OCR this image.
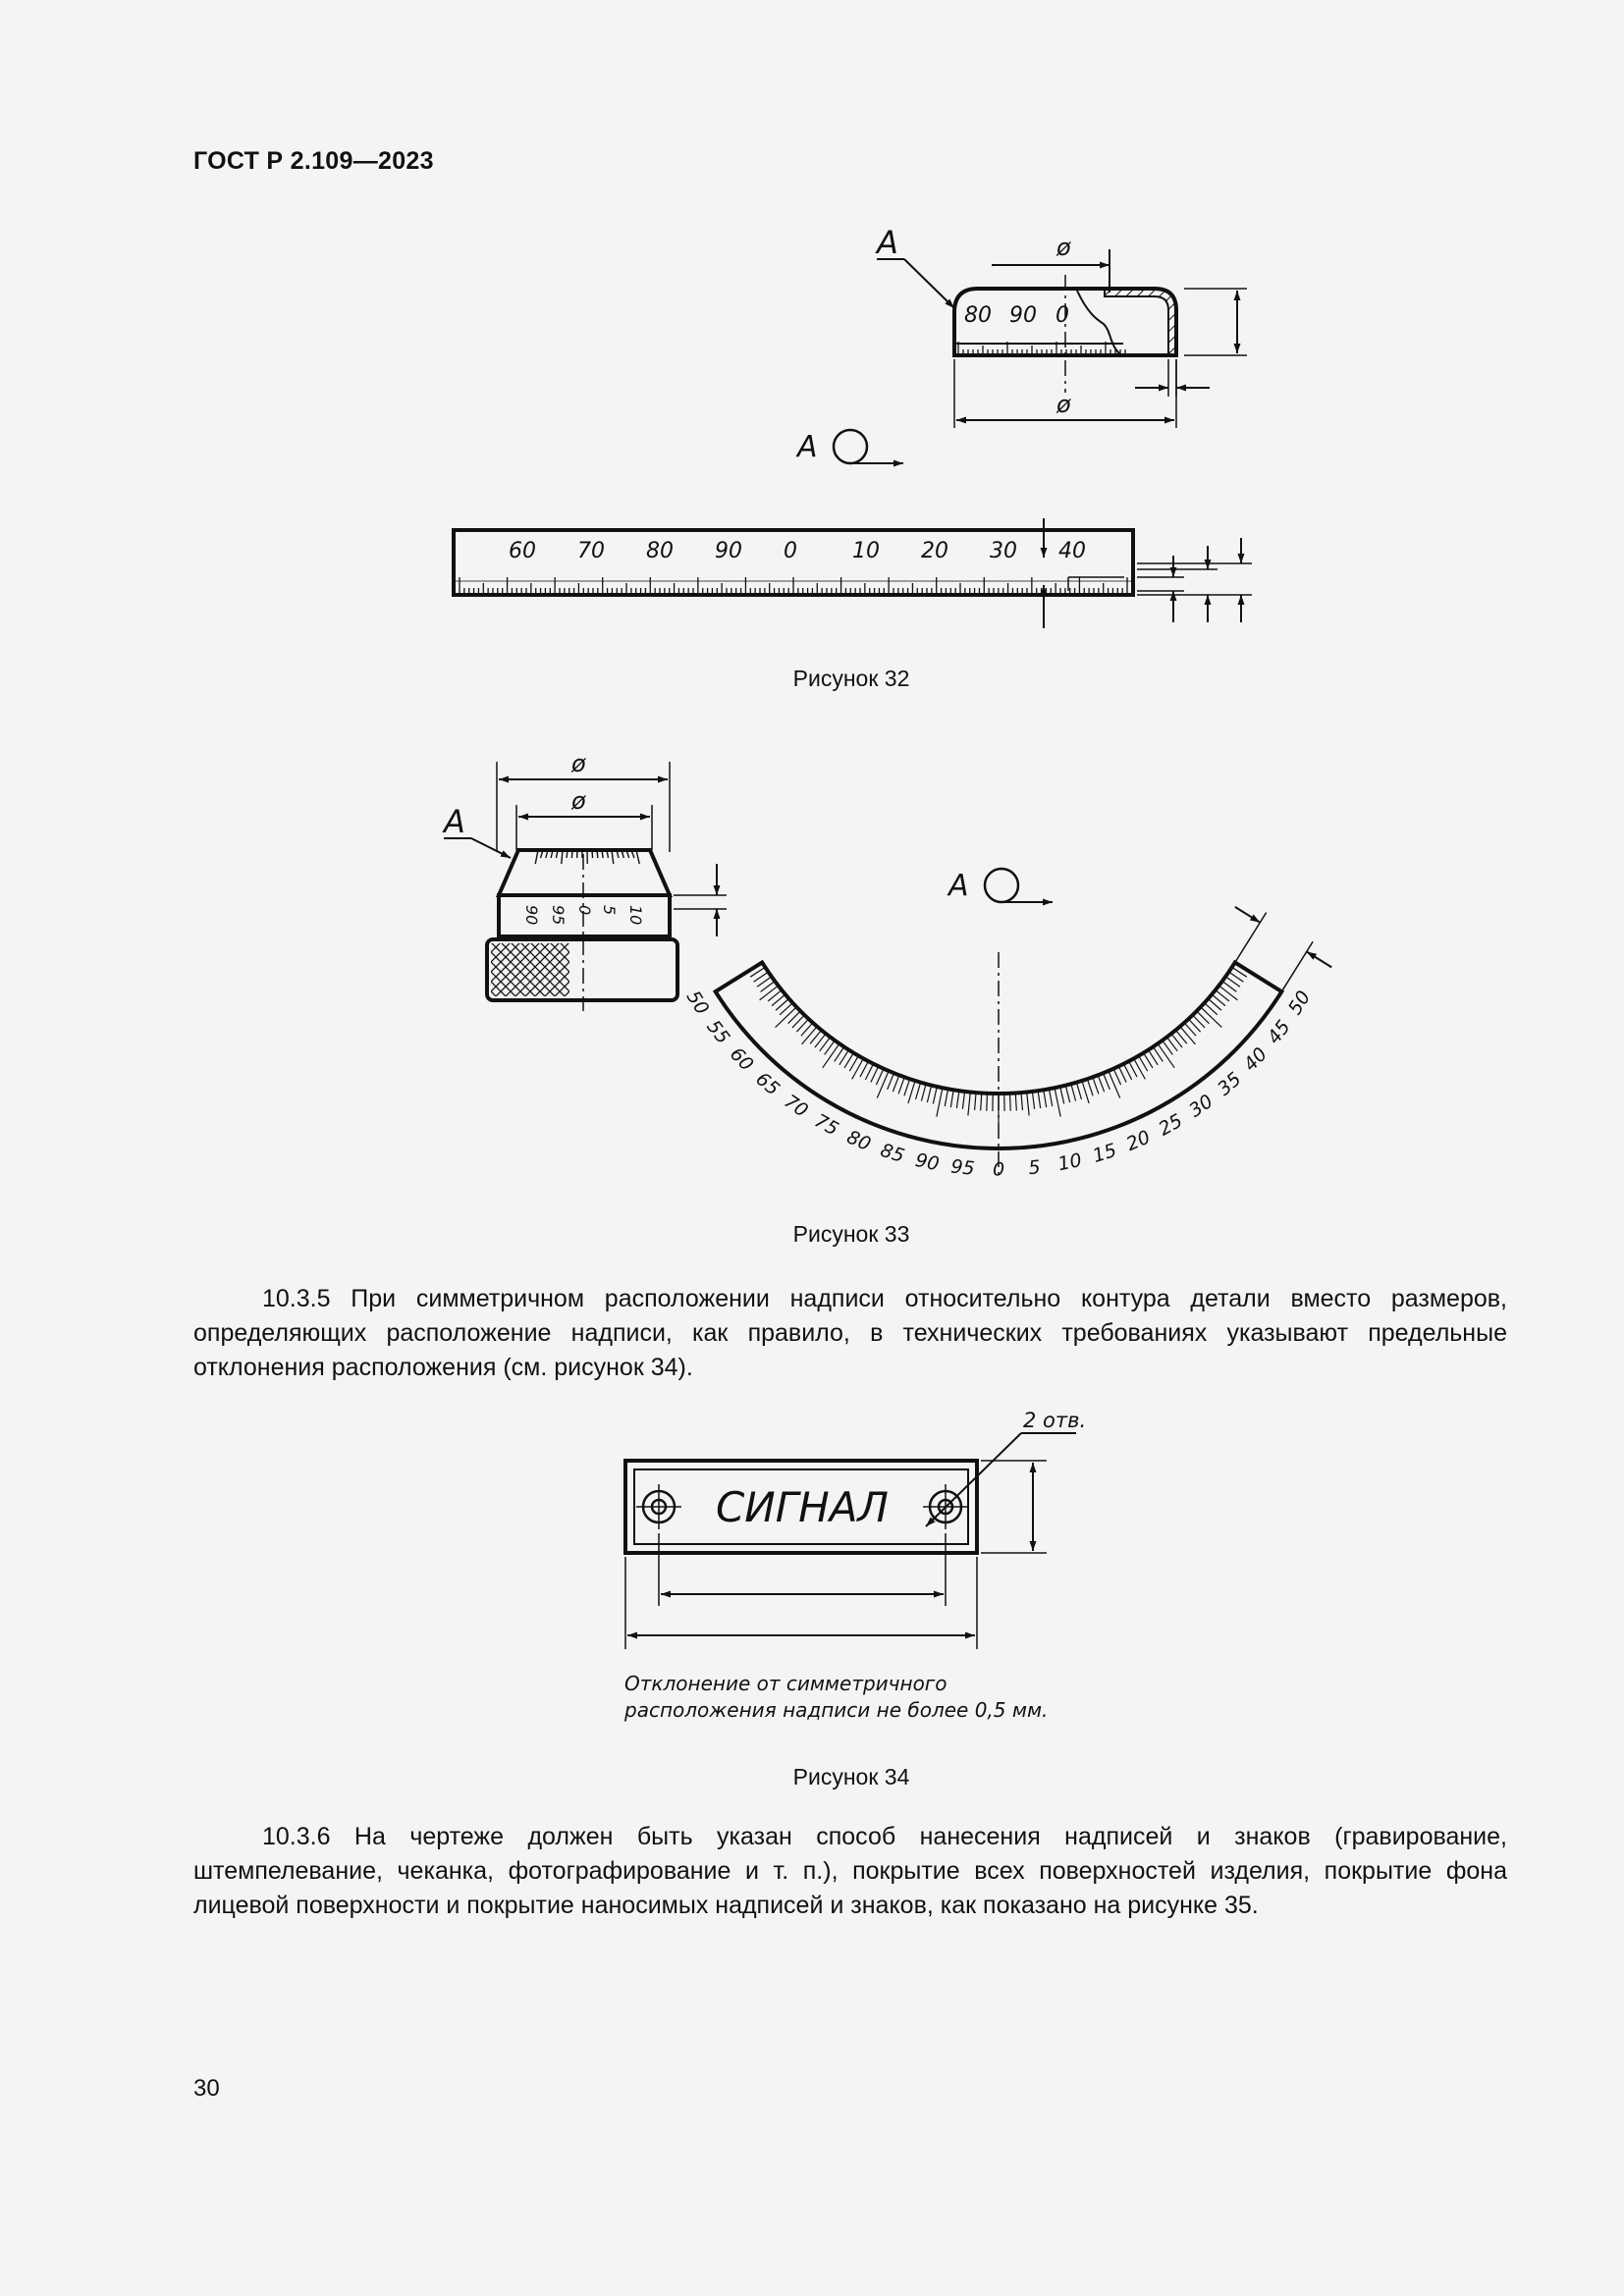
ГОСТ Р 2.109—2023
80 90 0
А	ø
ø
А
60 70 80 90 0	10 20 30 40
Рисунок 32
ø
ø
90 95 0 5 10
А
А
50
55
60
65
70
75
80 85 90 95 0 5 10 15 20
25
30
35
40
45
50
Рисунок 33
10.3.5 При симметричном расположении надписи относительно контура детали вместо размеров, определяющих расположение надписи, как правило, в технических требованиях указывают предельные отклонения расположения (см. рисунок 34).
СИГНАЛ
2 отв.
Отклонение от симметричного
расположения надписи не более 0,5 мм.
Рисунок 34
10.3.6 На чертеже должен быть указан способ нанесения надписей и знаков (гравирование, штемпелевание, чеканка, фотографирование и т. п.), покрытие всех поверхностей изделия, покрытие фона лицевой поверхности и покрытие наносимых надписей и знаков, как показано на рисунке 35.
30
